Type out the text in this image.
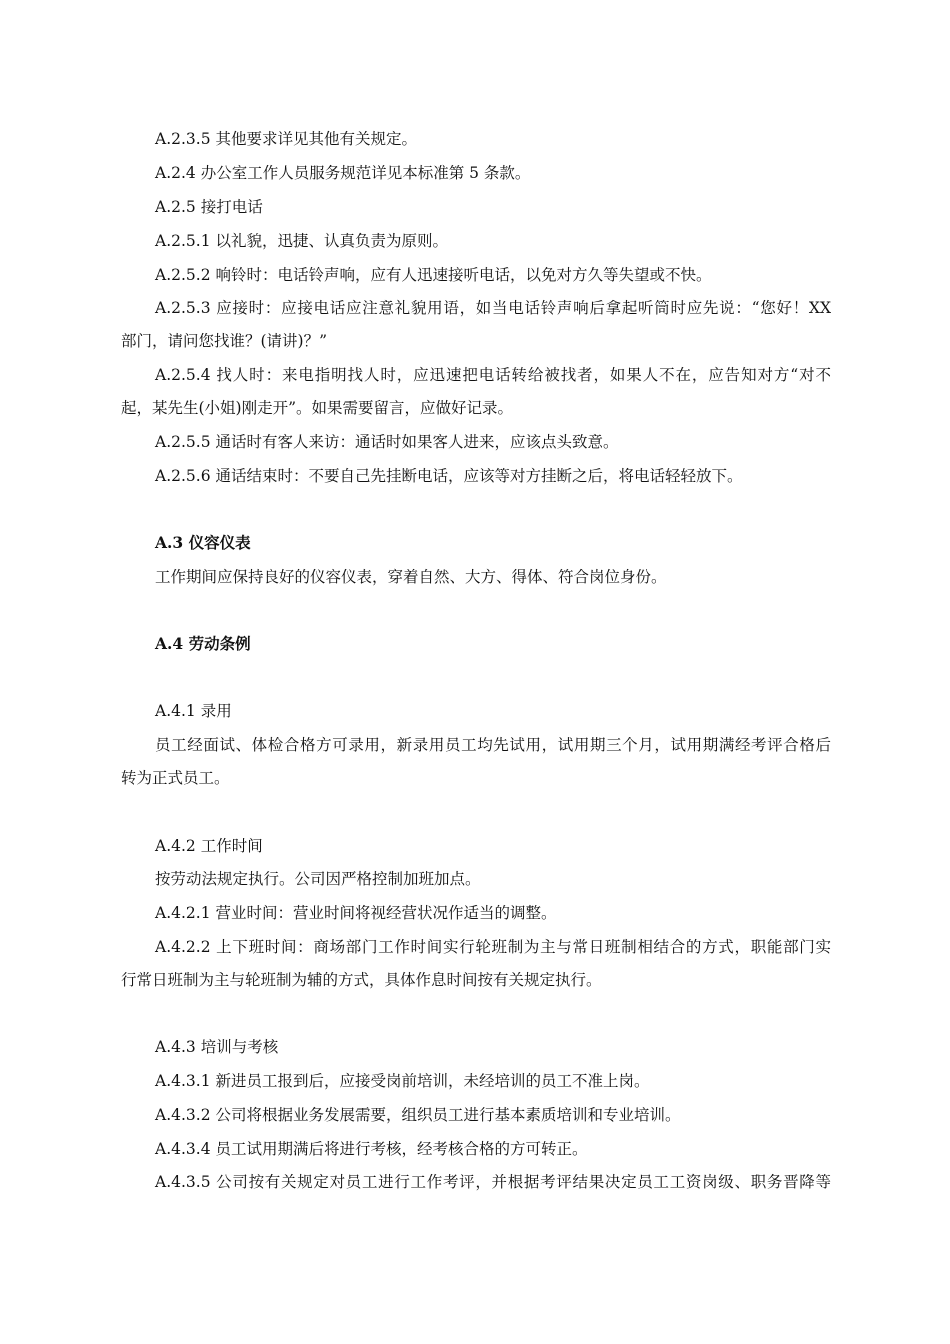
A.2.3.5 其他要求详见其他有关规定。

A.2.4 办公室工作人员服务规范详见本标准第 5 条款。

A.2.5 接打电话

A.2.5.1 以礼貌，迅捷、认真负责为原则。

A.2.5.2 响铃时：电话铃声响，应有人迅速接听电话，以免对方久等失望或不快。

A.2.5.3 应接时：应接电话应注意礼貌用语，如当电话铃声响后拿起听筒时应先说：“您好！XX

部门，请问您找谁？(请讲)？”

A.2.5.4 找人时：来电指明找人时，应迅速把电话转给被找者，如果人不在，应告知对方“对不

起，某先生(小姐)刚走开”。如果需要留言，应做好记录。

A.2.5.5 通话时有客人来访：通话时如果客人进来，应该点头致意。

A.2.5.6 通话结束时：不要自己先挂断电话，应该等对方挂断之后，将电话轻轻放下。

A.3 仪容仪表

工作期间应保持良好的仪容仪表，穿着自然、大方、得体、符合岗位身份。

A.4 劳动条例

A.4.1 录用

员工经面试、体检合格方可录用，新录用员工均先试用，试用期三个月，试用期满经考评合格后

转为正式员工。

A.4.2 工作时间

按劳动法规定执行。公司因严格控制加班加点。

A.4.2.1 营业时间：营业时间将视经营状况作适当的调整。

A.4.2.2 上下班时间：商场部门工作时间实行轮班制为主与常日班制相结合的方式，职能部门实

行常日班制为主与轮班制为辅的方式，具体作息时间按有关规定执行。

A.4.3 培训与考核

A.4.3.1 新进员工报到后，应接受岗前培训，未经培训的员工不准上岗。

A.4.3.2 公司将根据业务发展需要，组织员工进行基本素质培训和专业培训。

A.4.3.4 员工试用期满后将进行考核，经考核合格的方可转正。

A.4.3.5 公司按有关规定对员工进行工作考评，并根据考评结果决定员工工资岗级、职务晋降等
